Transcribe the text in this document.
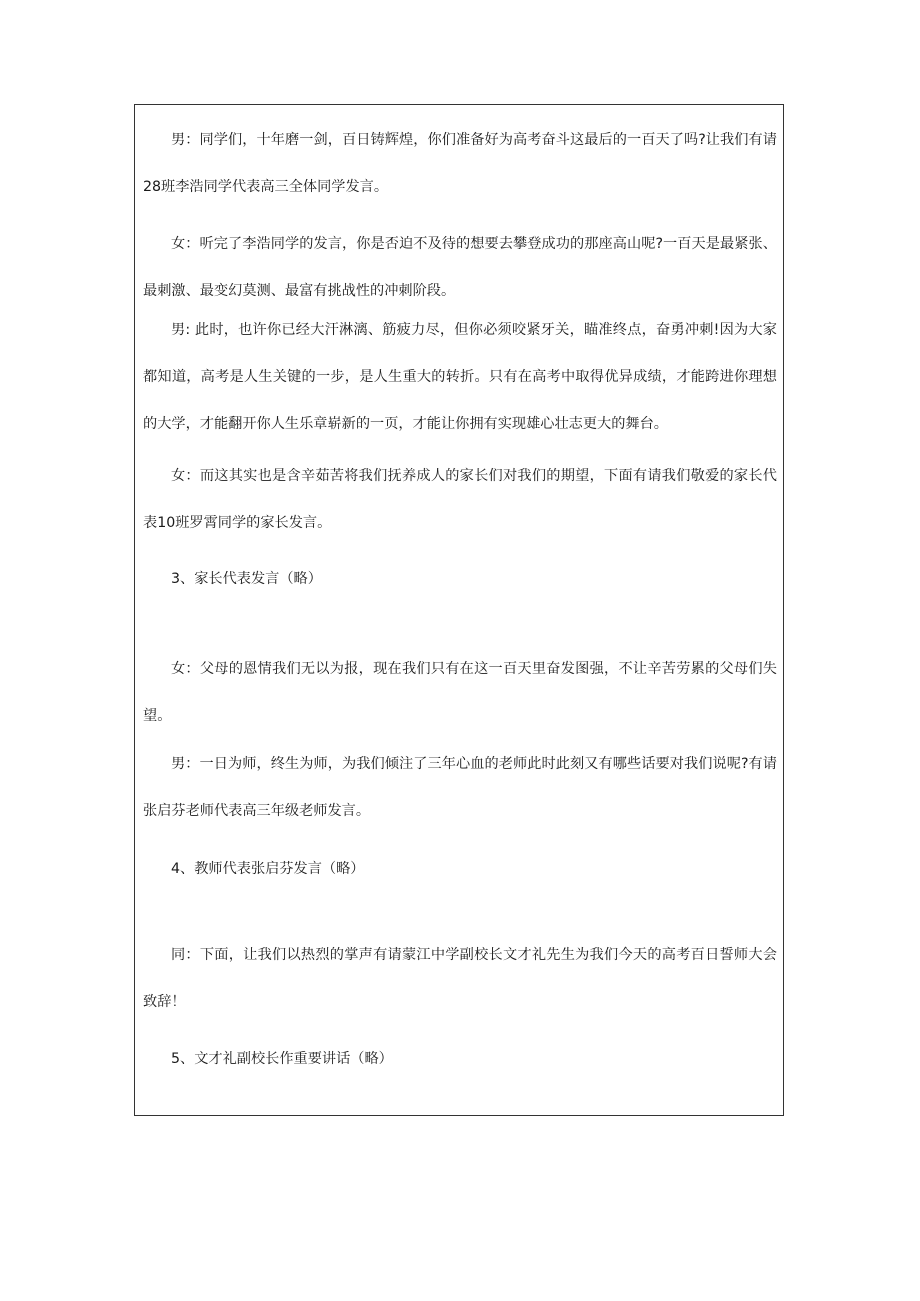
男：同学们，十年磨一剑，百日铸辉煌，你们准备好为高考奋斗这最后的一百天了吗?让我们有请28班李浩同学代表高三全体同学发言。

女：听完了李浩同学的发言，你是否迫不及待的想要去攀登成功的那座高山呢?一百天是最紧张、最刺激、最变幻莫测、最富有挑战性的冲刺阶段。

男: 此时，也许你已经大汗淋漓、筋疲力尽，但你必须咬紧牙关，瞄准终点，奋勇冲刺!因为大家都知道，高考是人生关键的一步，是人生重大的转折。只有在高考中取得优异成绩，才能跨进你理想的大学，才能翻开你人生乐章崭新的一页，才能让你拥有实现雄心壮志更大的舞台。

女：而这其实也是含辛茹苦将我们抚养成人的家长们对我们的期望，下面有请我们敬爱的家长代表10班罗霄同学的家长发言。

3、家长代表发言（略）

女：父母的恩情我们无以为报，现在我们只有在这一百天里奋发图强，不让辛苦劳累的父母们失望。

男：一日为师，终生为师，为我们倾注了三年心血的老师此时此刻又有哪些话要对我们说呢?有请张启芬老师代表高三年级老师发言。

4、教师代表张启芬发言（略）

同：下面，让我们以热烈的掌声有请蒙江中学副校长文才礼先生为我们今天的高考百日誓师大会致辞！

5、文才礼副校长作重要讲话（略）
